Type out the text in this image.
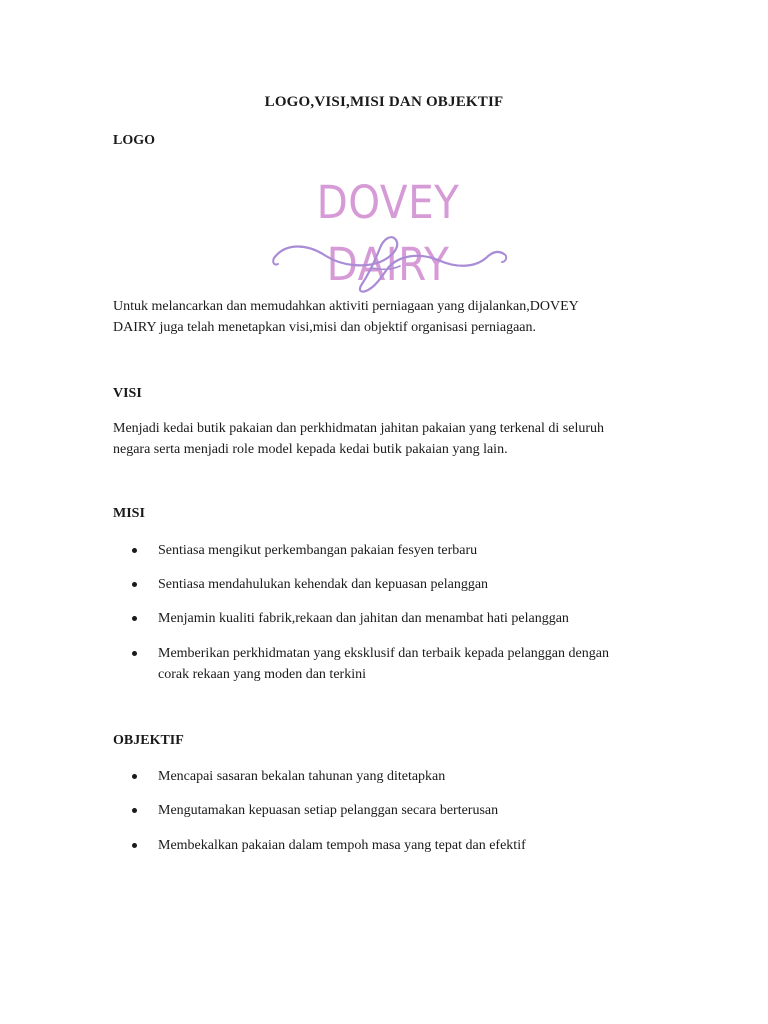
LOGO,VISI,MISI DAN OBJEKTIF
LOGO
DOVEY DAIRY
Untuk melancarkan dan memudahkan aktiviti perniagaan yang dijalankan,DOVEY
DAIRY juga telah menetapkan visi,misi dan objektif organisasi perniagaan.
VISI
Menjadi kedai butik pakaian dan perkhidmatan jahitan pakaian yang terkenal di seluruh
negara serta menjadi role model kepada kedai butik pakaian yang lain.
MISI
Sentiasa mengikut perkembangan pakaian fesyen terbaru
Sentiasa mendahulukan kehendak dan kepuasan pelanggan
Menjamin kualiti fabrik,rekaan dan jahitan dan menambat hati pelanggan
Memberikan perkhidmatan yang eksklusif dan terbaik kepada pelanggan dengan
corak rekaan yang moden dan terkini
OBJEKTIF
Mencapai sasaran bekalan tahunan yang ditetapkan
Mengutamakan kepuasan setiap pelanggan secara berterusan
Membekalkan pakaian dalam tempoh masa yang tepat dan efektif
